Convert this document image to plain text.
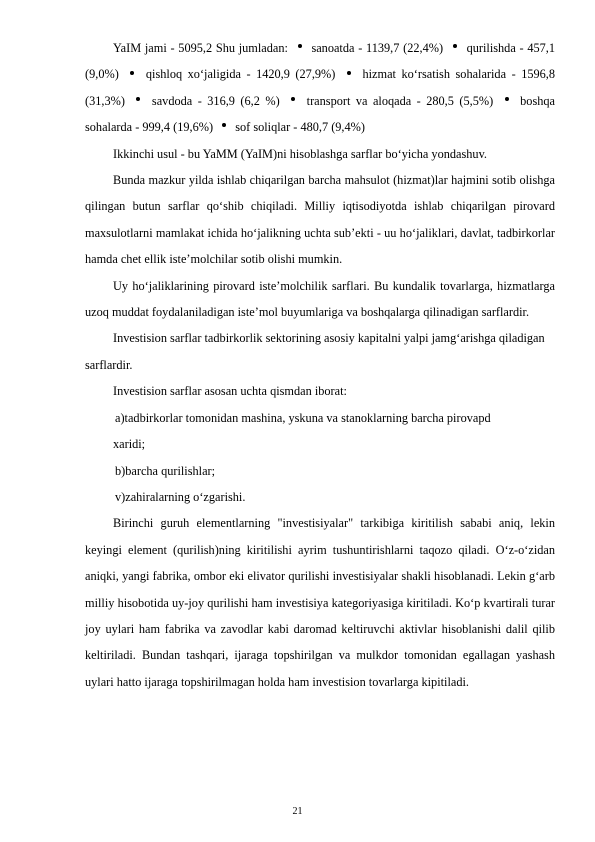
YaIM jami - 5095,2 Shu jumladan: sanoatda - 1139,7 (22,4%) qurilishda - 457,1 (9,0%) qishloq xo‘jaligida - 1420,9 (27,9%) hizmat ko‘rsatish sohalarida - 1596,8 (31,3%) savdoda - 316,9 (6,2 %) transport va aloqada - 280,5 (5,5%) boshqa sohalarda - 999,4 (19,6%) sof soliqlar - 480,7 (9,4%)

Ikkinchi usul - bu YaMM (YaIM)ni hisoblashga sarflar bo‘yicha yondashuv.

Bunda mazkur yilda ishlab chiqarilgan barcha mahsulot (hizmat)lar hajmini sotib olishga qilingan butun sarflar qo‘shib chiqiladi. Milliy iqtisodiyotda ishlab chiqarilgan pirovard maxsulotlarni mamlakat ichida ho‘jalikning uchta sub’ekti - uu ho‘jaliklari, davlat, tadbirkorlar hamda chet ellik iste’molchilar sotib olishi mumkin.

Uy ho‘jaliklarining pirovard iste’molchilik sarflari. Bu kundalik tovarlarga, hizmatlarga uzoq muddat foydalaniladigan iste’mol buyumlariga va boshqalarga qilinadigan sarflardir.

Investision sarflar tadbirkorlik sektorining asosiy kapitalni yalpi jamg‘arishga qiladigan sarflardir.

Investision sarflar asosan uchta qismdan iborat:

a)tadbirkorlar tomonidan mashina, yskuna va stanoklarning barcha pirovapd

xaridi;

b)barcha qurilishlar;

v)zahiralarning o‘zgarishi.

Birinchi guruh elementlarning "investisiyalar" tarkibiga kiritilish sababi aniq, lekin keyingi element (qurilish)ning kiritilishi ayrim tushuntirishlarni taqozo qiladi. O‘z-o‘zidan aniqki, yangi fabrika, ombor eki elivator qurilishi investisiyalar shakli hisoblanadi. Lekin g‘arb milliy hisobotida uy-joy qurilishi ham investisiya kategoriyasiga kiritiladi. Ko‘p kvartirali turar joy uylari ham fabrika va zavodlar kabi daromad keltiruvchi aktivlar hisoblanishi dalil qilib keltiriladi. Bundan tashqari, ijaraga topshirilgan va mulkdor tomonidan egallagan yashash uylari hatto ijaraga topshirilmagan holda ham investision tovarlarga kipitiladi.

21
